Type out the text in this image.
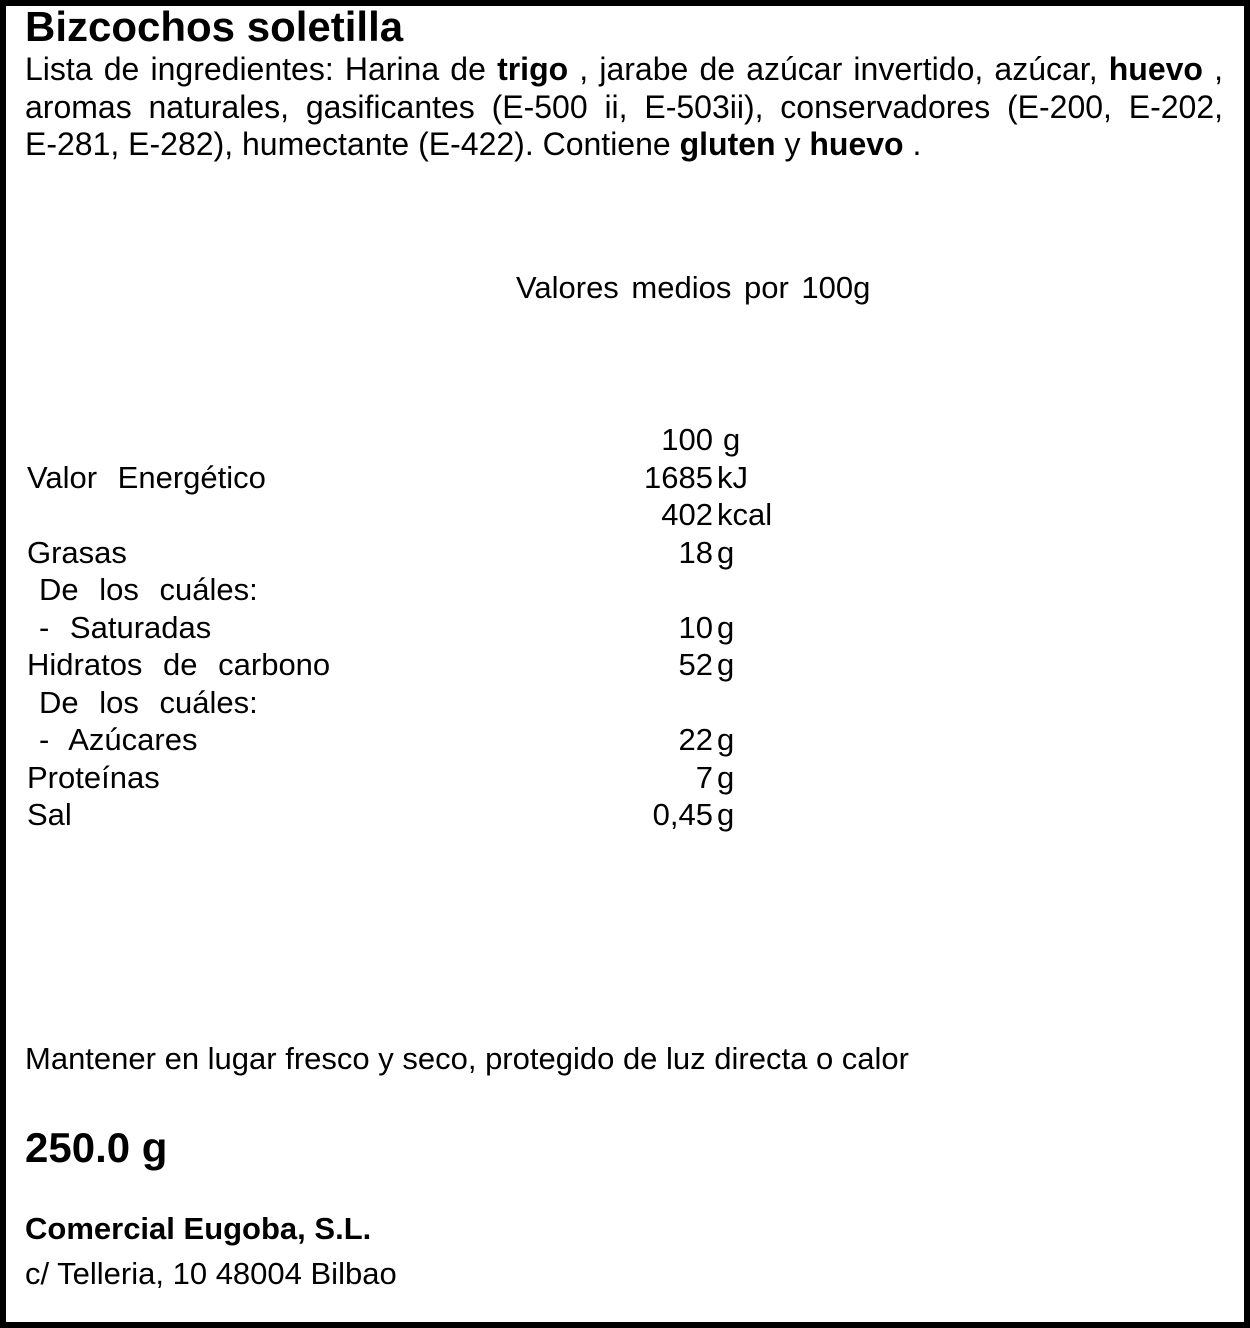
Bizcochos soletilla
Lista de ingredientes: Harina de trigo , jarabe de azúcar invertido, azúcar, huevo ,
aromas naturales, gasificantes (E-500 ii, E-503ii), conservadores (E-200, E-202,
E-281, E-282), humectante (E-422). Contiene gluten y huevo .
Valores medios por 100g
100 g
Valor Energético	1685 kJ
402 kcal
Grasas	18 g
De los cuáles:
- Saturadas	10 g
Hidratos de carbono	52 g
De los cuáles:
- Azúcares	22 g
Proteínas	7 g
Sal	0,45 g
Mantener en lugar fresco y seco, protegido de luz directa o calor
250.0 g
Comercial Eugoba, S.L.
c/ Telleria, 10 48004 Bilbao
